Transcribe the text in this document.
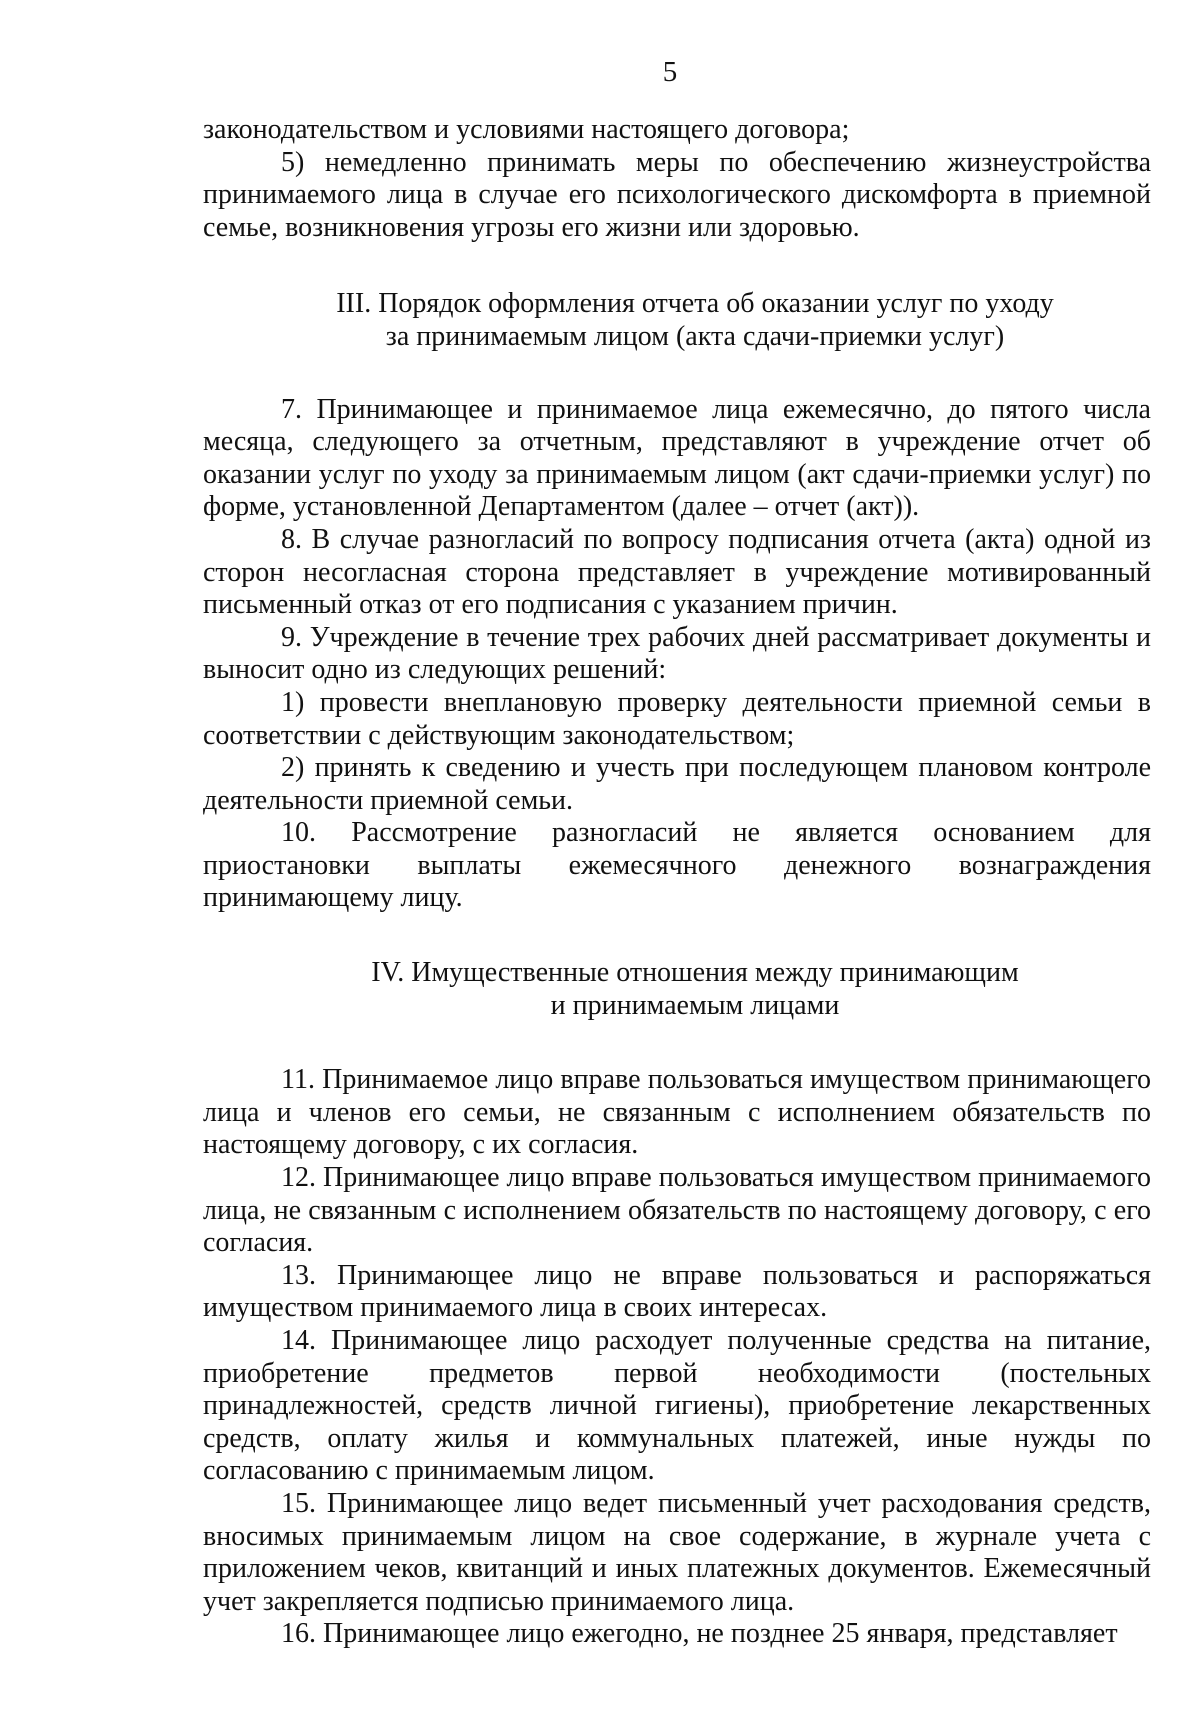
5

законодательством и условиями настоящего договора;

5) немедленно принимать меры по обеспечению жизнеустройства принимаемого лица в случае его психологического дискомфорта в приемной семье, возникновения угрозы его жизни или здоровью.

III. Порядок оформления отчета об оказании услуг по уходу
за принимаемым лицом (акта сдачи-приемки услуг)

7. Принимающее и принимаемое лица ежемесячно, до пятого числа месяца, следующего за отчетным, представляют в учреждение отчет об оказании услуг по уходу за принимаемым лицом (акт сдачи-приемки услуг) по форме, установленной Департаментом (далее – отчет (акт)).

8. В случае разногласий по вопросу подписания отчета (акта) одной из сторон несогласная сторона представляет в учреждение мотивированный письменный отказ от его подписания с указанием причин.

9. Учреждение в течение трех рабочих дней рассматривает документы и выносит одно из следующих решений:

1) провести внеплановую проверку деятельности приемной семьи в соответствии с действующим законодательством;

2) принять к сведению и учесть при последующем плановом контроле деятельности приемной семьи.

10. Рассмотрение разногласий не является основанием для приостановки выплаты ежемесячного денежного вознаграждения принимающему лицу.

IV. Имущественные отношения между принимающим
и принимаемым лицами

11. Принимаемое лицо вправе пользоваться имуществом принимающего лица и членов его семьи, не связанным с исполнением обязательств по настоящему договору, с их согласия.

12. Принимающее лицо вправе пользоваться имуществом принимаемого лица, не связанным с исполнением обязательств по настоящему договору, с его согласия.

13. Принимающее лицо не вправе пользоваться и распоряжаться имуществом принимаемого лица в своих интересах.

14. Принимающее лицо расходует полученные средства на питание, приобретение предметов первой необходимости (постельных принадлежностей, средств личной гигиены), приобретение лекарственных средств, оплату жилья и коммунальных платежей, иные нужды по согласованию с принимаемым лицом.

15. Принимающее лицо ведет письменный учет расходования средств, вносимых принимаемым лицом на свое содержание, в журнале учета с приложением чеков, квитанций и иных платежных документов. Ежемесячный учет закрепляется подписью принимаемого лица.

16. Принимающее лицо ежегодно, не позднее 25 января, представляет
